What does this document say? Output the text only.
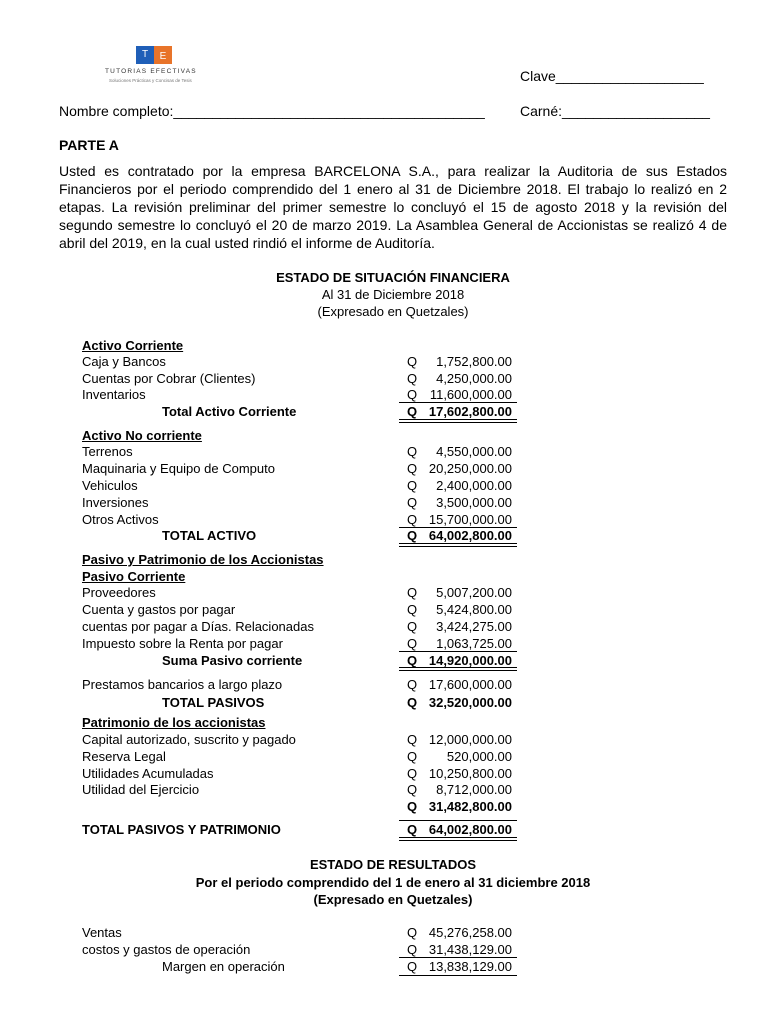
T	E
TUTORIAS EFECTIVAS
Soluciones Prácticas y Concisas de Tesis	Clave___________________
Nombre completo:________________________________________	Carné:___________________
PARTE A
Usted es contratado por la empresa BARCELONA S.A., para realizar la Auditoria de sus Estados Financieros por el periodo comprendido del 1 enero al 31 de Diciembre 2018. El trabajo lo realizó en 2 etapas. La revisión preliminar del primer semestre lo concluyó el 15 de agosto 2018 y la revisión del segundo semestre lo concluyó el 20 de marzo 2019. La Asamblea General de Accionistas se realizó 4 de abril del 2019, en la cual usted rindió el informe de Auditoría.
ESTADO DE SITUACIÓN FINANCIERA
Al 31 de Diciembre 2018
(Expresado en Quetzales)
Activo Corriente
Caja y Bancos	Q	1,752,800.00
Cuentas por Cobrar (Clientes)	Q	4,250,000.00
Inventarios	Q 11,600,000.00
Total Activo Corriente	Q 17,602,800.00
Activo No corriente
Terrenos	Q	4,550,000.00
Maquinaria y Equipo de Computo	Q 20,250,000.00
Vehiculos	Q	2,400,000.00
Inversiones	Q	3,500,000.00
Otros Activos	Q 15,700,000.00
TOTAL ACTIVO	Q 64,002,800.00
Pasivo y Patrimonio de los Accionistas
Pasivo Corriente
Proveedores	Q	5,007,200.00
Cuenta y gastos por pagar	Q	5,424,800.00
cuentas por pagar a Días. Relacionadas	Q	3,424,275.00
Impuesto sobre la Renta por pagar	Q	1,063,725.00
Suma Pasivo corriente	Q 14,920,000.00
Prestamos bancarios a largo plazo	Q 17,600,000.00
TOTAL PASIVOS	Q 32,520,000.00
Patrimonio de los accionistas
Capital autorizado, suscrito y pagado	Q 12,000,000.00
Reserva Legal	Q	520,000.00
Utilidades Acumuladas	Q 10,250,800.00
Utilidad del Ejercicio	Q	8,712,000.00
Q 31,482,800.00
TOTAL PASIVOS Y PATRIMONIO	Q 64,002,800.00
ESTADO DE RESULTADOS
Por el periodo comprendido del 1 de enero al 31 diciembre 2018
(Expresado en Quetzales)
Ventas	Q 45,276,258.00
costos y gastos de operación	Q 31,438,129.00
Margen en operación	Q 13,838,129.00
